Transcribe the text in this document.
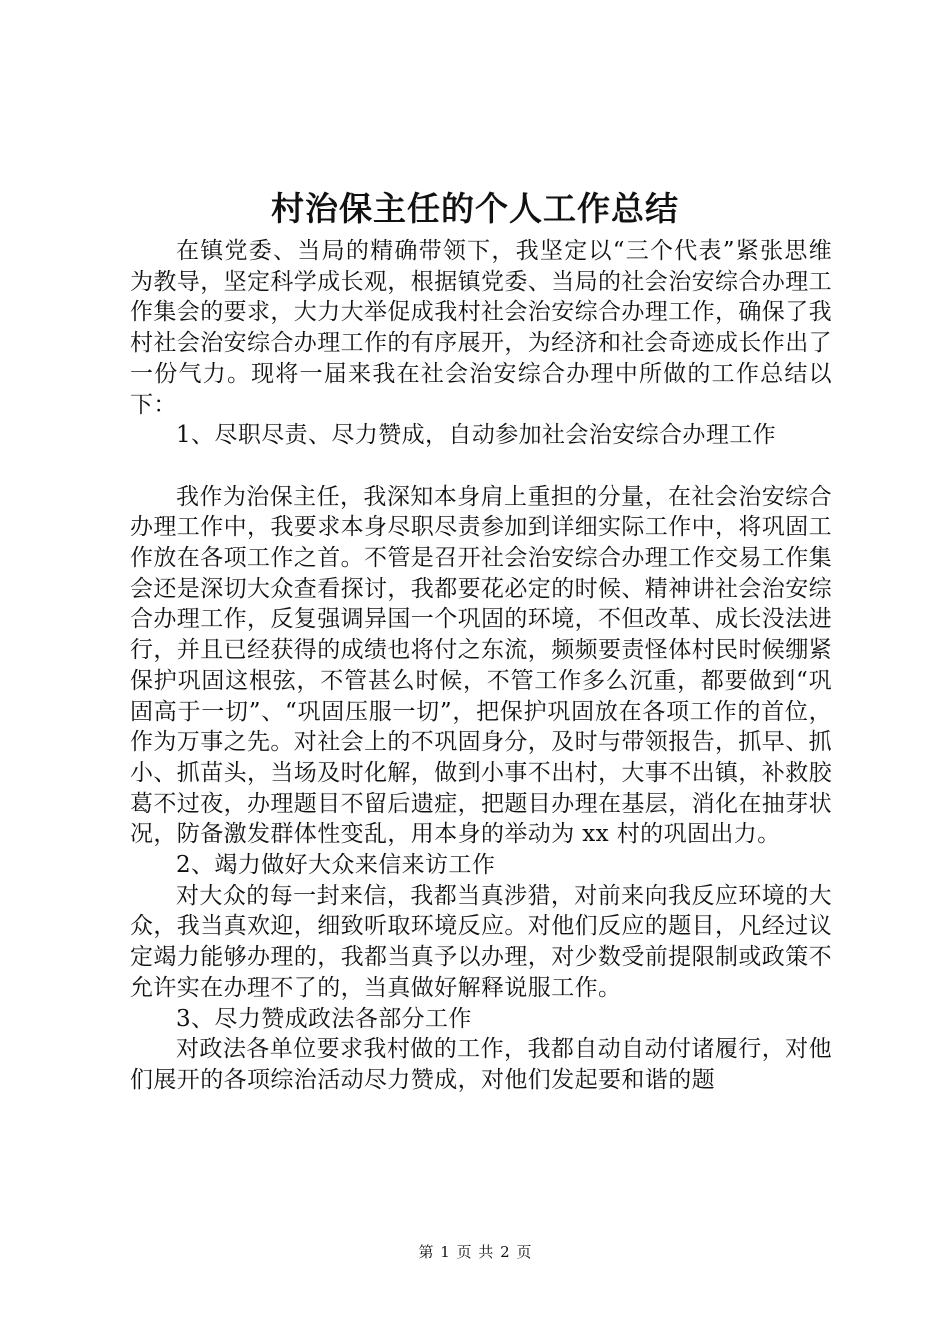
村治保主任的个人工作总结

在镇党委、当局的精确带领下，我坚定以“三个代表”紧张思维为教导，坚定科学成长观，根据镇党委、当局的社会治安综合办理工作集会的要求，大力大举促成我村社会治安综合办理工作，确保了我村社会治安综合办理工作的有序展开，为经济和社会奇迹成长作出了一份气力。现将一届来我在社会治安综合办理中所做的工作总结以下：

1、尽职尽责、尽力赞成，自动参加社会治安综合办理工作

我作为治保主任，我深知本身肩上重担的分量，在社会治安综合办理工作中，我要求本身尽职尽责参加到详细实际工作中，将巩固工作放在各项工作之首。不管是召开社会治安综合办理工作交易工作集会还是深切大众查看探讨，我都要花必定的时候、精神讲社会治安综合办理工作，反复强调异国一个巩固的环境，不但改革、成长没法进行，并且已经获得的成绩也将付之东流，频频要责怪体村民时候绷紧保护巩固这根弦，不管甚么时候，不管工作多么沉重，都要做到“巩固高于一切”、“巩固压服一切”，把保护巩固放在各项工作的首位，作为万事之先。对社会上的不巩固身分，及时与带领报告，抓早、抓小、抓苗头，当场及时化解，做到小事不出村，大事不出镇，补救胶葛不过夜，办理题目不留后遗症，把题目办理在基层，消化在抽芽状况，防备激发群体性变乱，用本身的举动为 xx 村的巩固出力。

2、竭力做好大众来信来访工作

对大众的每一封来信，我都当真涉猎，对前来向我反应环境的大众，我当真欢迎，细致听取环境反应。对他们反应的题目，凡经过议定竭力能够办理的，我都当真予以办理，对少数受前提限制或政策不允许实在办理不了的，当真做好解释说服工作。

3、尽力赞成政法各部分工作

对政法各单位要求我村做的工作，我都自动自动付诸履行，对他们展开的各项综治活动尽力赞成，对他们发起要和谐的题

第 1 页 共 2 页
